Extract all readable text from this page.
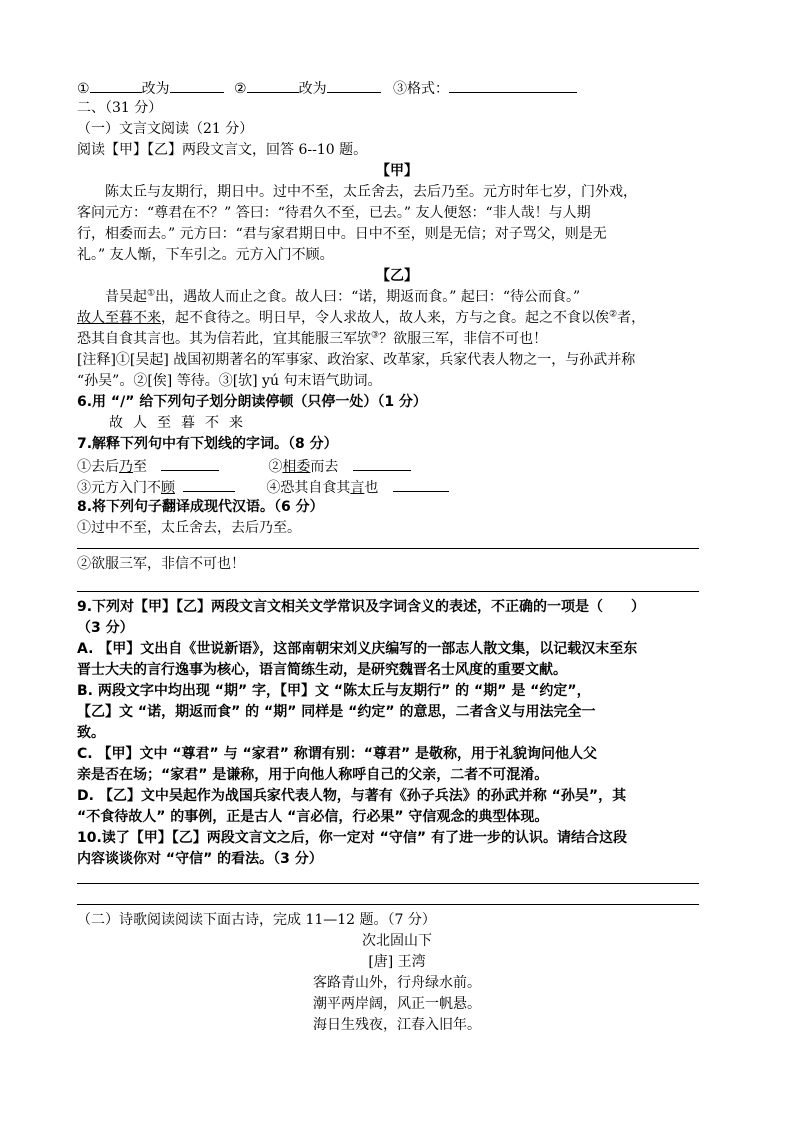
①	改为	②	改为	③格式：
二、（31 分）
（一）文言文阅读（21 分）
阅读【甲】【乙】两段文言文，回答 6--10 题。
【甲】
陈太丘与友期行，期日中。过中不至，太丘舍去，去后乃至。元方时年七岁，门外戏，
客问元方：“尊君在不？” 答曰：“待君久不至，已去。” 友人便怒：“非人哉！与人期
行，相委而去。” 元方曰：“君与家君期日中。日中不至，则是无信；对子骂父，则是无
礼。” 友人惭，下车引之。元方入门不顾。
【乙】
昔吴起①出，遇故人而止之食。故人曰：“诺，期返而食。” 起曰：“待公而食。”
故人至暮不来，起不食待之。明日早，令人求故人，故人来，方与之食。起之不食以俟②者，
恐其自食其言也。其为信若此，宜其能服三军欤③？欲服三军，非信不可也！
[注释]①[吴起] 战国初期著名的军事家、政治家、改革家，兵家代表人物之一，与孙武并称
“孙吴”。②[俟] 等待。③[欤] yú 句末语气助词。
6.用 “/” 给下列句子划分朗读停顿（只停一处）（1 分）
故人至暮不来
7.解释下列句中有下划线的字词。（8 分）
①去后乃至	②相委而去
③元方入门不顾	④恐其自食其言也
8.将下列句子翻译成现代汉语。（6 分）
①过中不至，太丘舍去，去后乃至。
②欲服三军，非信不可也！
9.下列对【甲】【乙】两段文言文相关文学常识及字词含义的表述，不正确的一项是（　　）
（3 分）
A. 【甲】文出自《世说新语》，这部南朝宋刘义庆编写的一部志人散文集，以记载汉末至东
晋士大夫的言行逸事为核心，语言简练生动，是研究魏晋名士风度的重要文献。
B. 两段文字中均出现 “期” 字，【甲】文 “陈太丘与友期行” 的 “期” 是 “约定”，
【乙】文 “诺，期返而食” 的 “期” 同样是 “约定” 的意思，二者含义与用法完全一
致。
C. 【甲】文中 “尊君” 与 “家君” 称谓有别：“尊君” 是敬称，用于礼貌询问他人父
亲是否在场；“家君” 是谦称，用于向他人称呼自己的父亲，二者不可混淆。
D. 【乙】文中吴起作为战国兵家代表人物，与著有《孙子兵法》的孙武并称 “孙吴”，其
“不食待故人” 的事例，正是古人 “言必信，行必果” 守信观念的典型体现。
10.读了【甲】【乙】两段文言文之后，你一定对 “守信” 有了进一步的认识。请结合这段
内容谈谈你对 “守信” 的看法。（3 分）
（二）诗歌阅读阅读下面古诗，完成 11—12 题。（7 分）
次北固山下
[唐] 王湾
客路青山外，行舟绿水前。
潮平两岸阔，风正一帆悬。
海日生残夜，江春入旧年。
